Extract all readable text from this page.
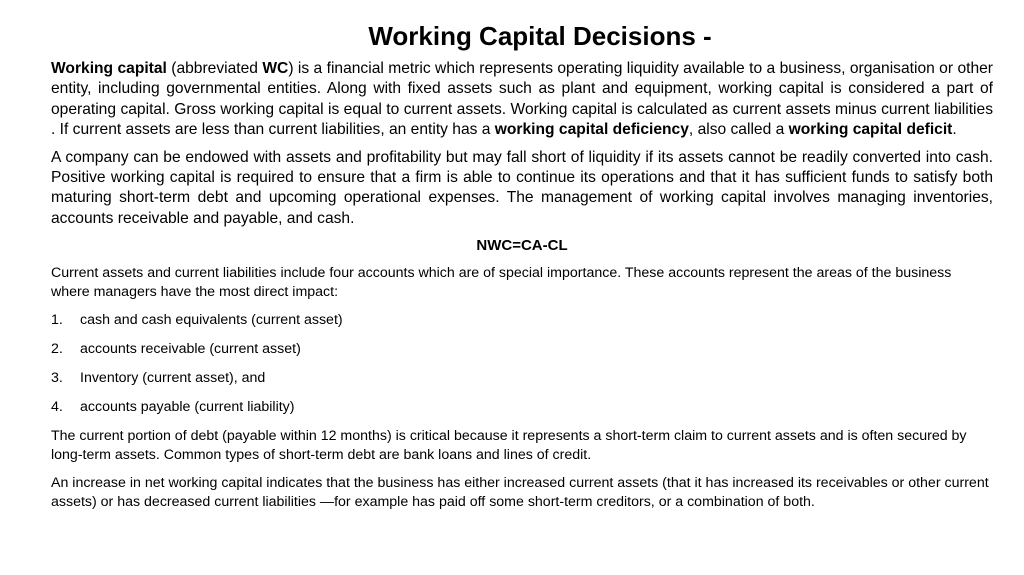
Working Capital Decisions -

Working capital (abbreviated WC) is a financial metric which represents operating liquidity available to a business, organisation or other entity, including governmental entities. Along with fixed assets such as plant and equipment, working capital is considered a part of operating capital. Gross working capital is equal to current assets. Working capital is calculated as current assets minus current liabilities . If current assets are less than current liabilities, an entity has a working capital deficiency, also called a working capital deficit.

A company can be endowed with assets and profitability but may fall short of liquidity if its assets cannot be readily converted into cash. Positive working capital is required to ensure that a firm is able to continue its operations and that it has sufficient funds to satisfy both maturing short-term debt and upcoming operational expenses. The management of working capital involves managing inventories, accounts receivable and payable, and cash.

NWC=CA-CL

Current assets and current liabilities include four accounts which are of special importance. These accounts represent the areas of the business where managers have the most direct impact:

1.	cash and cash equivalents (current asset)
2.	accounts receivable (current asset)
3.	Inventory (current asset), and
4.	accounts payable (current liability)

The current portion of debt (payable within 12 months) is critical because it represents a short-term claim to current assets and is often secured by long-term assets. Common types of short-term debt are bank loans and lines of credit.

An increase in net working capital indicates that the business has either increased current assets (that it has increased its receivables or other current assets) or has decreased current liabilities —for example has paid off some short-term creditors, or a combination of both.
